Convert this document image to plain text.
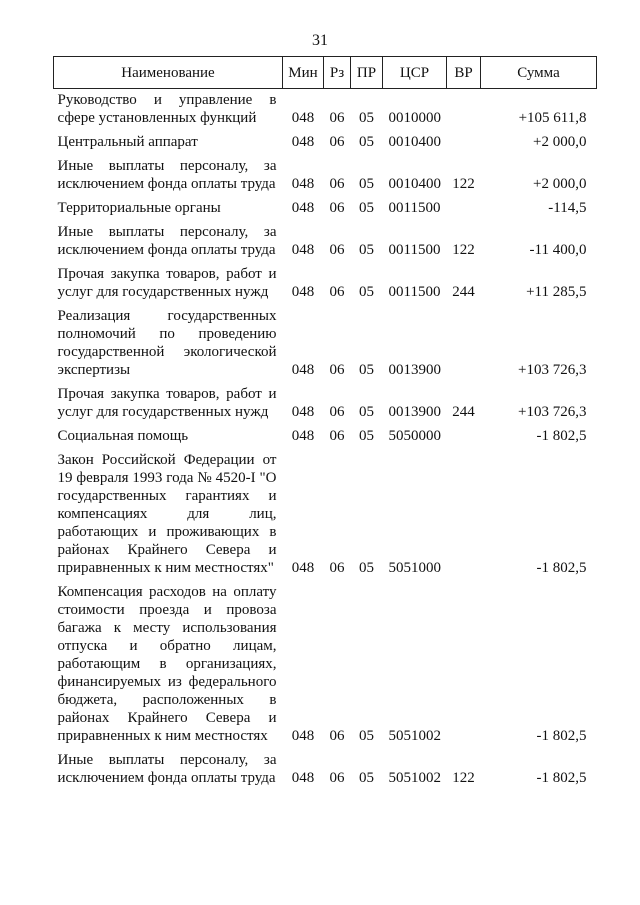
31
Наименование	Мин	Рз	ПР	ЦСР	ВР	Сумма
Руководство и управление в сфере установленных функций	048	06	05	0010000		+105 611,8
Центральный аппарат	048	06	05	0010400		+2 000,0
Иные выплаты персоналу, за исключением фонда оплаты труда	048	06	05	0010400	122	+2 000,0
Территориальные органы	048	06	05	0011500		-114,5
Иные выплаты персоналу, за исключением фонда оплаты труда	048	06	05	0011500	122	-11 400,0
Прочая закупка товаров, работ и услуг для государственных нужд	048	06	05	0011500	244	+11 285,5
Реализация государственных полномочий по проведению государственной экологической экспертизы	048	06	05	0013900		+103 726,3
Прочая закупка товаров, работ и услуг для государственных нужд	048	06	05	0013900	244	+103 726,3
Социальная помощь	048	06	05	5050000		-1 802,5
Закон Российской Федерации от 19 февраля 1993 года № 4520-I "О государственных гарантиях и компенсациях для лиц, работающих и проживающих в районах Крайнего Севера и приравненных к ним местностях"	048	06	05	5051000		-1 802,5
Компенсация расходов на оплату стоимости проезда и провоза багажа к месту использования отпуска и обратно лицам, работающим в организациях, финансируемых из федерального бюджета, расположенных в районах Крайнего Севера и приравненных к ним местностях	048	06	05	5051002		-1 802,5
Иные выплаты персоналу, за исключением фонда оплаты труда	048	06	05	5051002	122	-1 802,5
